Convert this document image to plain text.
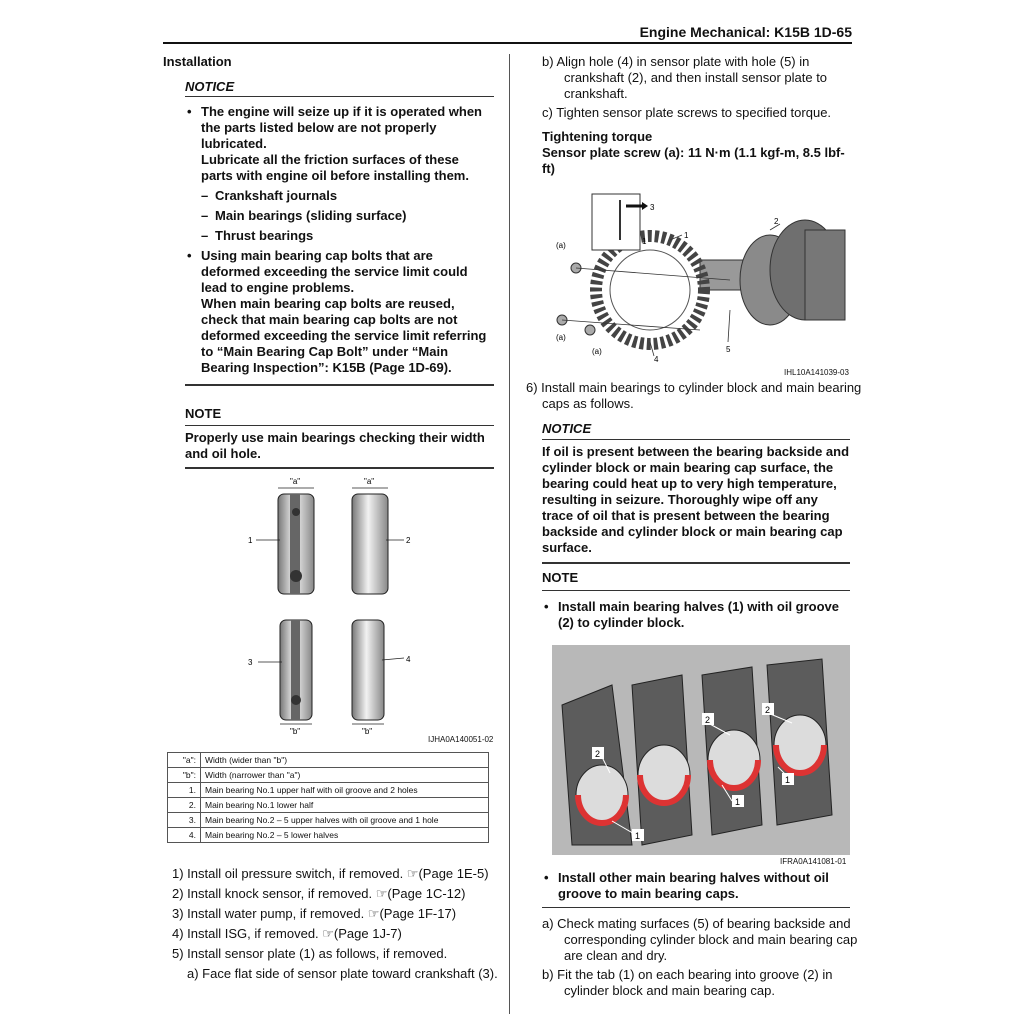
Engine Mechanical: K15B 1D-65
Installation
NOTICE
• The engine will seize up if it is operated when the parts listed below are not properly lubricated.
Lubricate all the friction surfaces of these parts with engine oil before installing them.
– Crankshaft journals
– Main bearings (sliding surface)
– Thrust bearings
• Using main bearing cap bolts that are deformed exceeding the service limit could lead to engine problems.
When main bearing cap bolts are reused, check that main bearing cap bolts are not deformed exceeding the service limit referring to “Main Bearing Cap Bolt” under “Main Bearing Inspection”: K15B (Page 1D-69).
NOTE
Properly use main bearings checking their width and oil hole.
"a"	"a"
"b"	"b"
1	2
3	4
IJHA0A140051-02
"a":	Width (wider than "b")
"b":	Width (narrower than "a")
1.	Main bearing No.1 upper half with oil groove and 2 holes
2.	Main bearing No.1 lower half
3.	Main bearing No.2 – 5 upper halves with oil groove and 1 hole
4.	Main bearing No.2 – 5 lower halves
1) Install oil pressure switch, if removed. ☞(Page 1E-5)
2) Install knock sensor, if removed. ☞(Page 1C-12)
3) Install water pump, if removed. ☞(Page 1F-17)
4) Install ISG, if removed. ☞(Page 1J-7)
5) Install sensor plate (1) as follows, if removed.
a) Face flat side of sensor plate toward crankshaft (3).
b) Align hole (4) in sensor plate with hole (5) in crankshaft (2), and then install sensor plate to crankshaft.
c) Tighten sensor plate screws to specified torque.
Tightening torque
Sensor plate screw (a): 11 N·m (1.1 kgf-m, 8.5 lbf-ft)
3
1
1
2
4
5
(a)
(a)
(a)
IHL10A141039-03
6) Install main bearings to cylinder block and main bearing caps as follows.
NOTICE
If oil is present between the bearing backside and cylinder block or main bearing cap surface, the bearing could heat up to very high temperature, resulting in seizure. Thoroughly wipe off any trace of oil that is present between the bearing backside and cylinder block or main bearing cap surface.
NOTE
• Install main bearing halves (1) with oil groove (2) to cylinder block.
2
2
2
1
1
1
IFRA0A141081-01
• Install other main bearing halves without oil groove to main bearing caps.
a) Check mating surfaces (5) of bearing backside and corresponding cylinder block and main bearing cap are clean and dry.
b) Fit the tab (1) on each bearing into groove (2) in cylinder block and main bearing cap.
